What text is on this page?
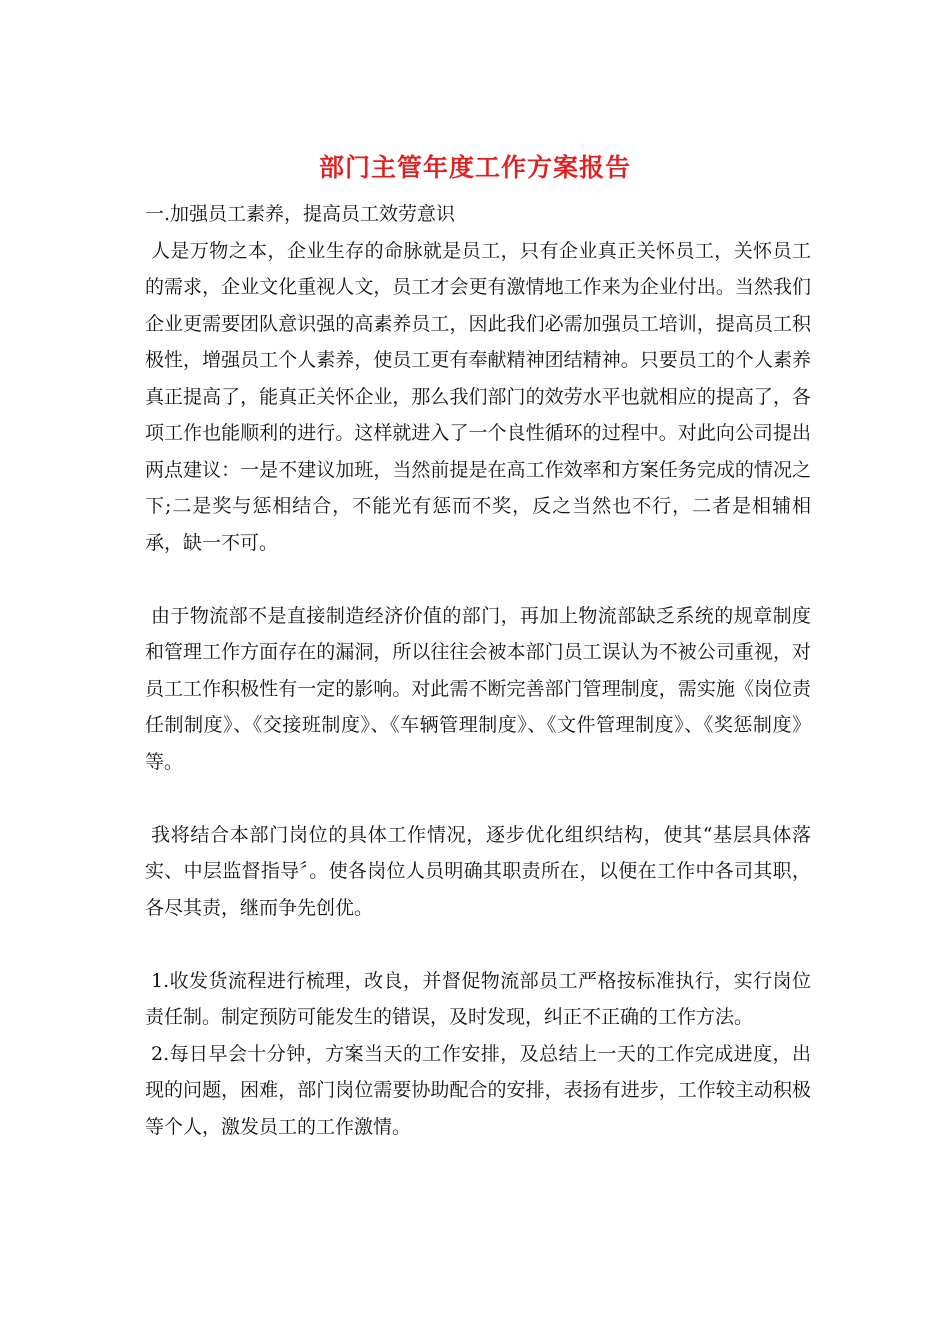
部门主管年度工作方案报告

一.加强员工素养，提高员工效劳意识

人是万物之本，企业生存的命脉就是员工，只有企业真正关怀员工，关怀员工的需求，企业文化重视人文，员工才会更有激情地工作来为企业付出。当然我们企业更需要团队意识强的高素养员工，因此我们必需加强员工培训，提高员工积极性，增强员工个人素养，使员工更有奉献精神团结精神。只要员工的个人素养真正提高了，能真正关怀企业，那么我们部门的效劳水平也就相应的提高了，各项工作也能顺利的进行。这样就进入了一个良性循环的过程中。对此向公司提出两点建议：一是不建议加班，当然前提是在高工作效率和方案任务完成的情况之下;二是奖与惩相结合，不能光有惩而不奖，反之当然也不行，二者是相辅相承，缺一不可。

由于物流部不是直接制造经济价值的部门，再加上物流部缺乏系统的规章制度和管理工作方面存在的漏洞，所以往往会被本部门员工误认为不被公司重视，对员工工作积极性有一定的影响。对此需不断完善部门管理制度，需实施《岗位责任制制度》、《交接班制度》、《车辆管理制度》、《文件管理制度》、《奖惩制度》等。

我将结合本部门岗位的具体工作情况，逐步优化组织结构，使其“基层具体落实、中层监督指导〞。使各岗位人员明确其职责所在，以便在工作中各司其职，各尽其责，继而争先创优。

1.收发货流程进行梳理，改良，并督促物流部员工严格按标准执行，实行岗位责任制。制定预防可能发生的错误，及时发现，纠正不正确的工作方法。

2.每日早会十分钟，方案当天的工作安排，及总结上一天的工作完成进度，出现的问题，困难，部门岗位需要协助配合的安排，表扬有进步，工作较主动积极等个人，激发员工的工作激情。
